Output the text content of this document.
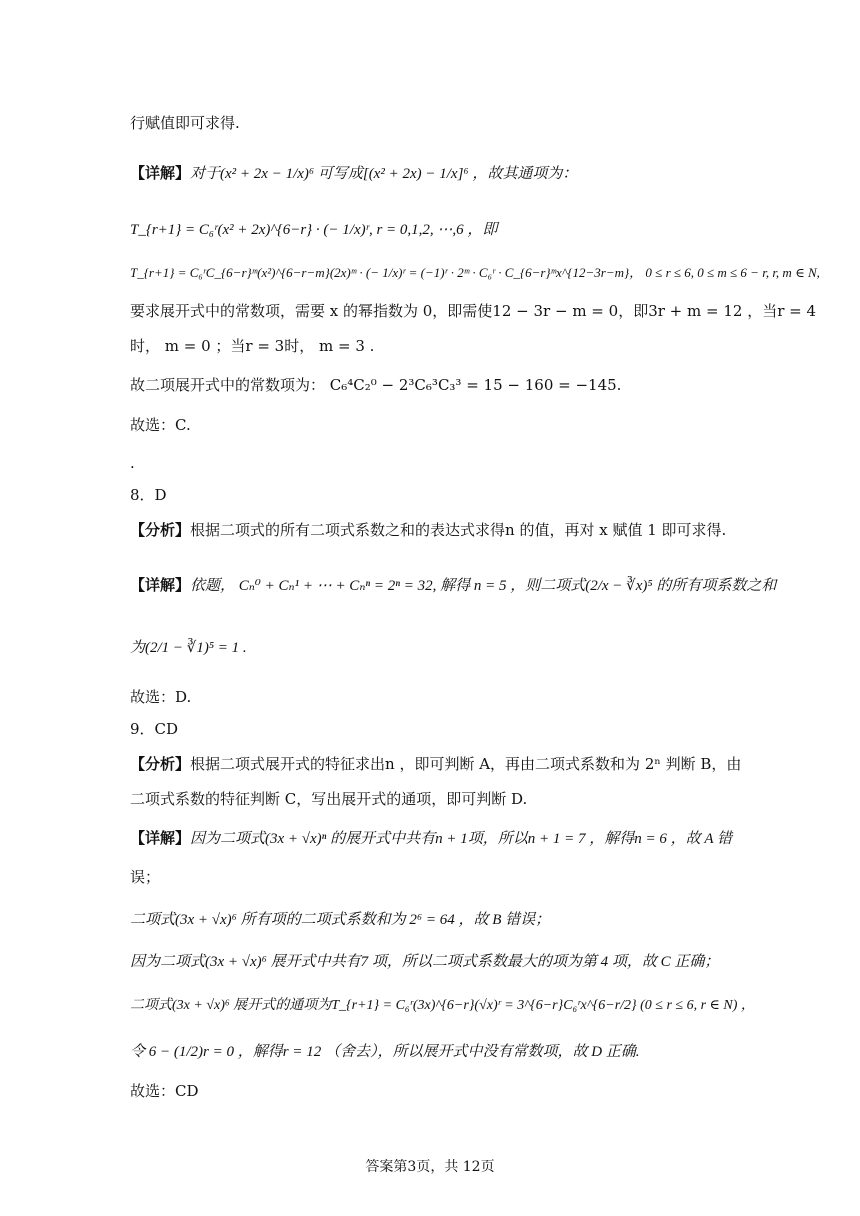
行赋值即可求得.
【详解】对于(x² + 2x − 1/x)⁶ 可写成[(x² + 2x) − 1/x]⁶ ，故其通项为：
T_{r+1} = C₆ʳ(x² + 2x)^{6−r} · (− 1/x)ʳ, r = 0,1,2, ⋯,6 ，即
T_{r+1} = C₆ʳC_{6−r}ᵐ(x²)^{6−r−m}(2x)ᵐ · (− 1/x)ʳ = (−1)ʳ · 2ᵐ · C₆ʳ · C_{6−r}ᵐx^{12−3r−m}， 0 ≤ r ≤ 6, 0 ≤ m ≤ 6 − r, r, m ∈ N,
要求展开式中的常数项，需要 x 的幂指数为 0，即需使12 − 3r − m = 0，即3r + m = 12 ，当r = 4
时， m = 0 ；当r = 3时， m = 3 .
故二项展开式中的常数项为： C₆⁴C₂⁰ − 2³C₆³C₃³ = 15 − 160 = −145.
故选：C.
.
8．D
【分析】根据二项式的所有二项式系数之和的表达式求得n 的值，再对 x 赋值 1 即可求得.
【详解】依题， Cₙ⁰ + Cₙ¹ + ⋯ + Cₙⁿ = 2ⁿ = 32, 解得 n = 5 ，则二项式(2/x − ∛x)⁵ 的所有项系数之和
为(2/1 − ∛1)⁵ = 1 .
故选：D.
9．CD
【分析】根据二项式展开式的特征求出n ，即可判断 A，再由二项式系数和为 2ⁿ 判断 B，由
二项式系数的特征判断 C，写出展开式的通项，即可判断 D.
【详解】因为二项式(3x + √x)ⁿ 的展开式中共有n + 1项，所以n + 1 = 7 ，解得n = 6 ，故 A 错
误；
二项式(3x + √x)⁶ 所有项的二项式系数和为 2⁶ = 64 ，故 B 错误；
因为二项式(3x + √x)⁶ 展开式中共有7 项，所以二项式系数最大的项为第 4 项，故 C 正确；
二项式(3x + √x)⁶ 展开式的通项为T_{r+1} = C₆ʳ(3x)^{6−r}(√x)ʳ = 3^{6−r}C₆ʳx^{6−r/2} (0 ≤ r ≤ 6, r ∈ N) ，
令 6 − (1/2)r = 0 ，解得r = 12 （舍去），所以展开式中没有常数项，故 D 正确.
故选：CD
答案第3页，共 12页
